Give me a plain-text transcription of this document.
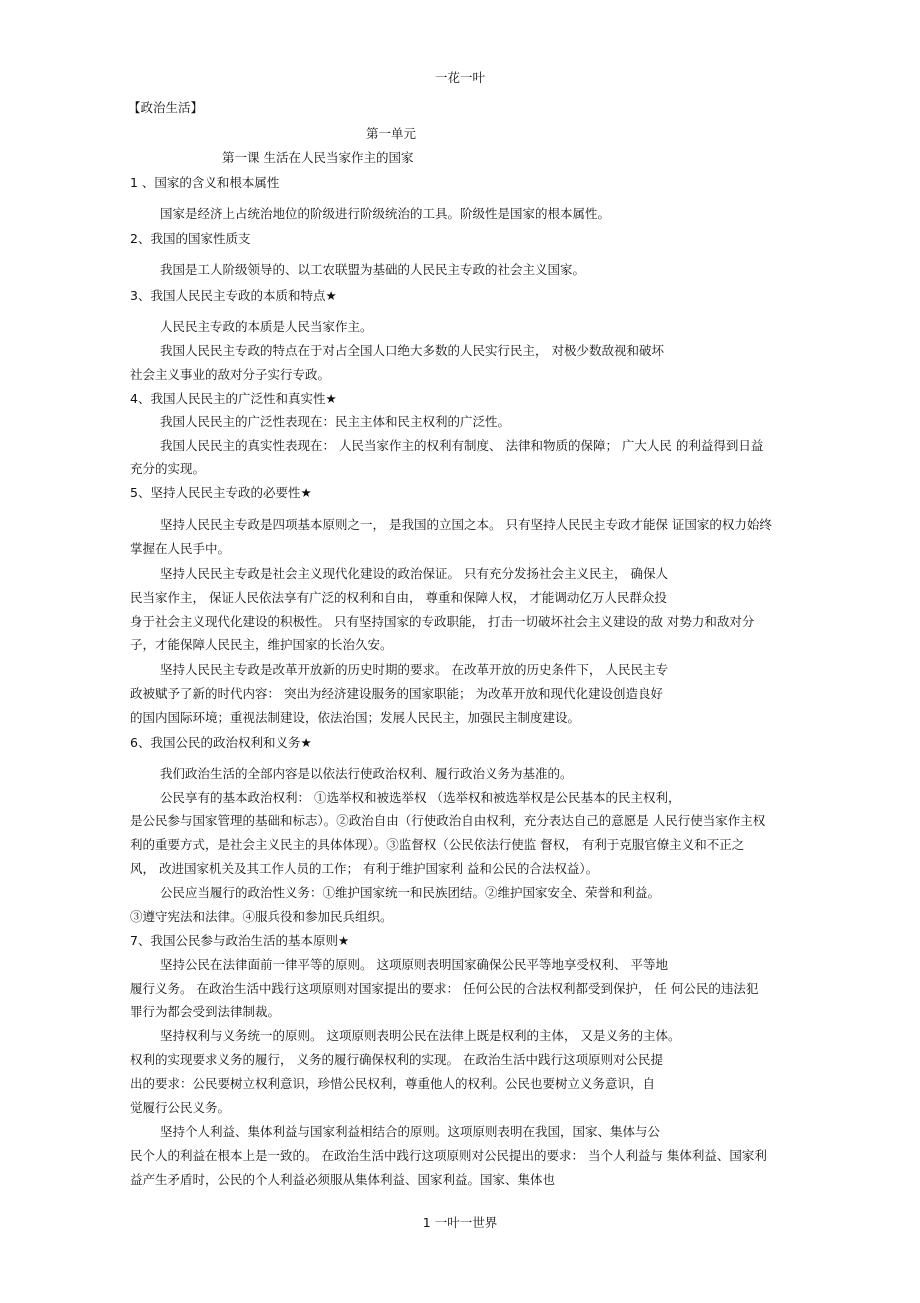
一花一叶
【政治生活】
第一单元
第一课 生活在人民当家作主的国家
1 、国家的含义和根本属性
国家是经济上占统治地位的阶级进行阶级统治的工具。阶级性是国家的根本属性。
2、我国的国家性质支
我国是工人阶级领导的、以工农联盟为基础的人民民主专政的社会主义国家。
3、我国人民民主专政的本质和特点★
人民民主专政的本质是人民当家作主。
我国人民民主专政的特点在于对占全国人口绝大多数的人民实行民主， 对极少数敌视和破坏
社会主义事业的敌对分子实行专政。
4、我国人民民主的广泛性和真实性★
我国人民民主的广泛性表现在：民主主体和民主权利的广泛性。
我国人民民主的真实性表现在： 人民当家作主的权利有制度、 法律和物质的保障； 广大人民 的利益得到日益
充分的实现。
5、坚持人民民主专政的必要性★
坚持人民民主专政是四项基本原则之一， 是我国的立国之本。 只有坚持人民民主专政才能保 证国家的权力始终
掌握在人民手中。
坚持人民民主专政是社会主义现代化建设的政治保证。 只有充分发扬社会主义民主， 确保人
民当家作主， 保证人民依法享有广泛的权利和自由， 尊重和保障人权， 才能调动亿万人民群众投
身于社会主义现代化建设的积极性。 只有坚持国家的专政职能， 打击一切破坏社会主义建设的敌 对势力和敌对分
子，才能保障人民民主，维护国家的长治久安。
坚持人民民主专政是改革开放新的历史时期的要求。 在改革开放的历史条件下， 人民民主专
政被赋予了新的时代内容： 突出为经济建设服务的国家职能； 为改革开放和现代化建设创造良好
的国内国际环境；重视法制建设，依法治国；发展人民民主，加强民主制度建设。
6、我国公民的政治权利和义务★
我们政治生活的全部内容是以依法行使政治权利、履行政治义务为基准的。
公民享有的基本政治权利： ①选举权和被选举权 （选举权和被选举权是公民基本的民主权利，
是公民参与国家管理的基础和标志）。②政治自由（行使政治自由权利，充分表达自己的意愿是 人民行使当家作主权
利的重要方式，是社会主义民主的具体体现）。③监督权（公民依法行使监 督权， 有利于克服官僚主义和不正之
风， 改进国家机关及其工作人员的工作； 有利于维护国家利 益和公民的合法权益）。
公民应当履行的政治性义务：①维护国家统一和民族团结。②维护国家安全、荣誉和利益。
③遵守宪法和法律。④服兵役和参加民兵组织。
7、我国公民参与政治生活的基本原则★
坚持公民在法律面前一律平等的原则。 这项原则表明国家确保公民平等地享受权利、 平等地
履行义务。 在政治生活中践行这项原则对国家提出的要求： 任何公民的合法权利都受到保护， 任 何公民的违法犯
罪行为都会受到法律制裁。
坚持权利与义务统一的原则。 这项原则表明公民在法律上既是权利的主体， 又是义务的主体。
权利的实现要求义务的履行， 义务的履行确保权利的实现。 在政治生活中践行这项原则对公民提
出的要求：公民要树立权利意识，珍惜公民权利，尊重他人的权利。公民也要树立义务意识，自
觉履行公民义务。
坚持个人利益、集体利益与国家利益相结合的原则。这项原则表明在我国，国家、集体与公
民个人的利益在根本上是一致的。 在政治生活中践行这项原则对公民提出的要求： 当个人利益与 集体利益、国家利
益产生矛盾时，公民的个人利益必须服从集体利益、国家利益。国家、集体也
1 一叶一世界
